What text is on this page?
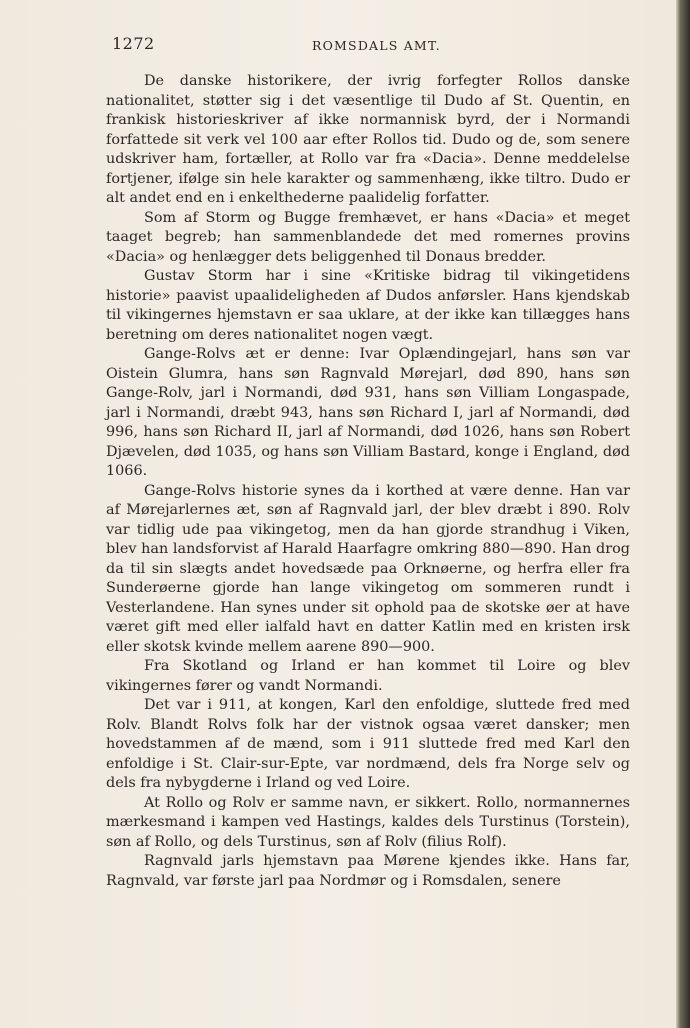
1272	ROMSDALS AMT.

De danske historikere, der ivrig forfegter Rollos danske nationalitet, støtter sig i det væsentlige til Dudo af St. Quentin, en frankisk historieskriver af ikke normannisk byrd, der i Normandi forfattede sit verk vel 100 aar efter Rollos tid. Dudo og de, som senere udskriver ham, fortæller, at Rollo var fra «Dacia». Denne meddelelse fortjener, ifølge sin hele karakter og sammenhæng, ikke tiltro. Dudo er alt andet end en i enkelthederne paalidelig forfatter.

Som af Storm og Bugge fremhævet, er hans «Dacia» et meget taaget begreb; han sammenblandede det med romernes provins «Dacia» og henlægger dets beliggenhed til Donaus bredder.

Gustav Storm har i sine «Kritiske bidrag til vikingetidens historie» paavist upaalideligheden af Dudos anførsler. Hans kjendskab til vikingernes hjemstavn er saa uklare, at der ikke kan tillægges hans beretning om deres nationalitet nogen vægt.

Gange-Rolvs æt er denne: Ivar Oplændingejarl, hans søn var Oistein Glumra, hans søn Ragnvald Mørejarl, død 890, hans søn Gange-Rolv, jarl i Normandi, død 931, hans søn Villiam Longaspade, jarl i Normandi, dræbt 943, hans søn Richard I, jarl af Normandi, død 996, hans søn Richard II, jarl af Normandi, død 1026, hans søn Robert Djævelen, død 1035, og hans søn Villiam Bastard, konge i England, død 1066.

Gange-Rolvs historie synes da i korthed at være denne. Han var af Mørejarlernes æt, søn af Ragnvald jarl, der blev dræbt i 890. Rolv var tidlig ude paa vikingetog, men da han gjorde strandhug i Viken, blev han landsforvist af Harald Haarfagre omkring 880—890. Han drog da til sin slægts andet hovedsæde paa Orknøerne, og herfra eller fra Sunderøerne gjorde han lange vikingetog om sommeren rundt i Vesterlandene. Han synes under sit ophold paa de skotske øer at have været gift med eller ialfald havt en datter Katlin med en kristen irsk eller skotsk kvinde mellem aarene 890—900.

Fra Skotland og Irland er han kommet til Loire og blev vikingernes fører og vandt Normandi.

Det var i 911, at kongen, Karl den enfoldige, sluttede fred med Rolv. Blandt Rolvs folk har der vistnok ogsaa været dansker; men hovedstammen af de mænd, som i 911 sluttede fred med Karl den enfoldige i St. Clair-sur-Epte, var nordmænd, dels fra Norge selv og dels fra nybygderne i Irland og ved Loire.

At Rollo og Rolv er samme navn, er sikkert. Rollo, normannernes mærkesmand i kampen ved Hastings, kaldes dels Turstinus (Torstein), søn af Rollo, og dels Turstinus, søn af Rolv (filius Rolf).

Ragnvald jarls hjemstavn paa Mørene kjendes ikke. Hans far, Ragnvald, var første jarl paa Nordmør og i Romsdalen, senere
